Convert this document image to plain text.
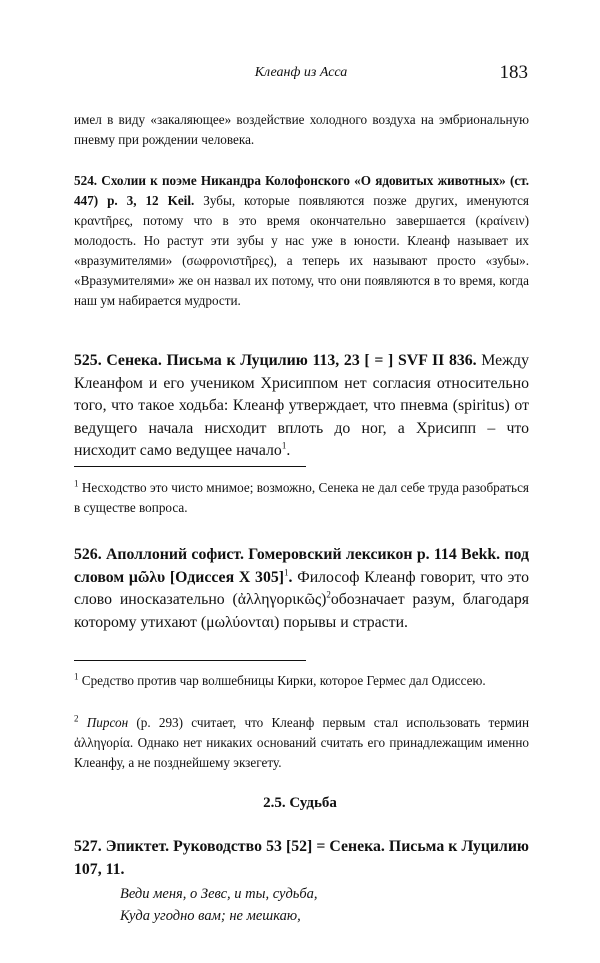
Клеанф из Асса	183

имел в виду «закаляющее» воздействие холодного воздуха на эмбриональную пневму при рождении человека.

524. Схолии к поэме Никандра Колофонского «О ядовитых животных» (ст. 447) p. 3, 12 Keil. Зубы, которые появляются позже других, именуются κραντῆρες, потому что в это время окончательно завершается (κραίνειν) молодость. Но растут эти зубы у нас уже в юности. Клеанф называет их «вразумителями» (σωφρονιστῆρες), а теперь их называют просто «зубы». «Вразумителями» же он назвал их потому, что они появляются в то время, когда наш ум набирается мудрости.

525. Сенека. Письма к Луцилию 113, 23 [ = ] SVF II 836. Между Клеанфом и его учеником Хрисиппом нет согласия относительно того, что такое ходьба: Клеанф утверждает, что пневма (spiritus) от ведущего начала нисходит вплоть до ног, а Хрисипп – что нисходит само ведущее начало$^1$.

$^1$ Несходство это чисто мнимое; возможно, Сенека не дал себе труда разобраться в существе вопроса.

526. Аполлоний софист. Гомеровский лексикон p. 114 Bekk. под словом μῶλυ [Одиссея X 305]$^1$. Философ Клеанф говорит, что это слово иносказательно (ἀλληγορικῶς)$^2$обозначает разум, благодаря которому утихают (μωλύονται) порывы и страсти.

$^1$ Средство против чар волшебницы Кирки, которое Гермес дал Одиссею.

$^2$ Пирсон (р. 293) считает, что Клеанф первым стал использовать термин ἀλληγορία. Однако нет никаких оснований считать его принадлежащим именно Клеанфу, а не позднейшему экзегету.

2.5. Судьба

527. Эпиктет. Руководство 53 [52] = Сенека. Письма к Луцилию 107, 11.

Веди меня, о Зевс, и ты, судьба,
Куда угодно вам; не мешкаю,
